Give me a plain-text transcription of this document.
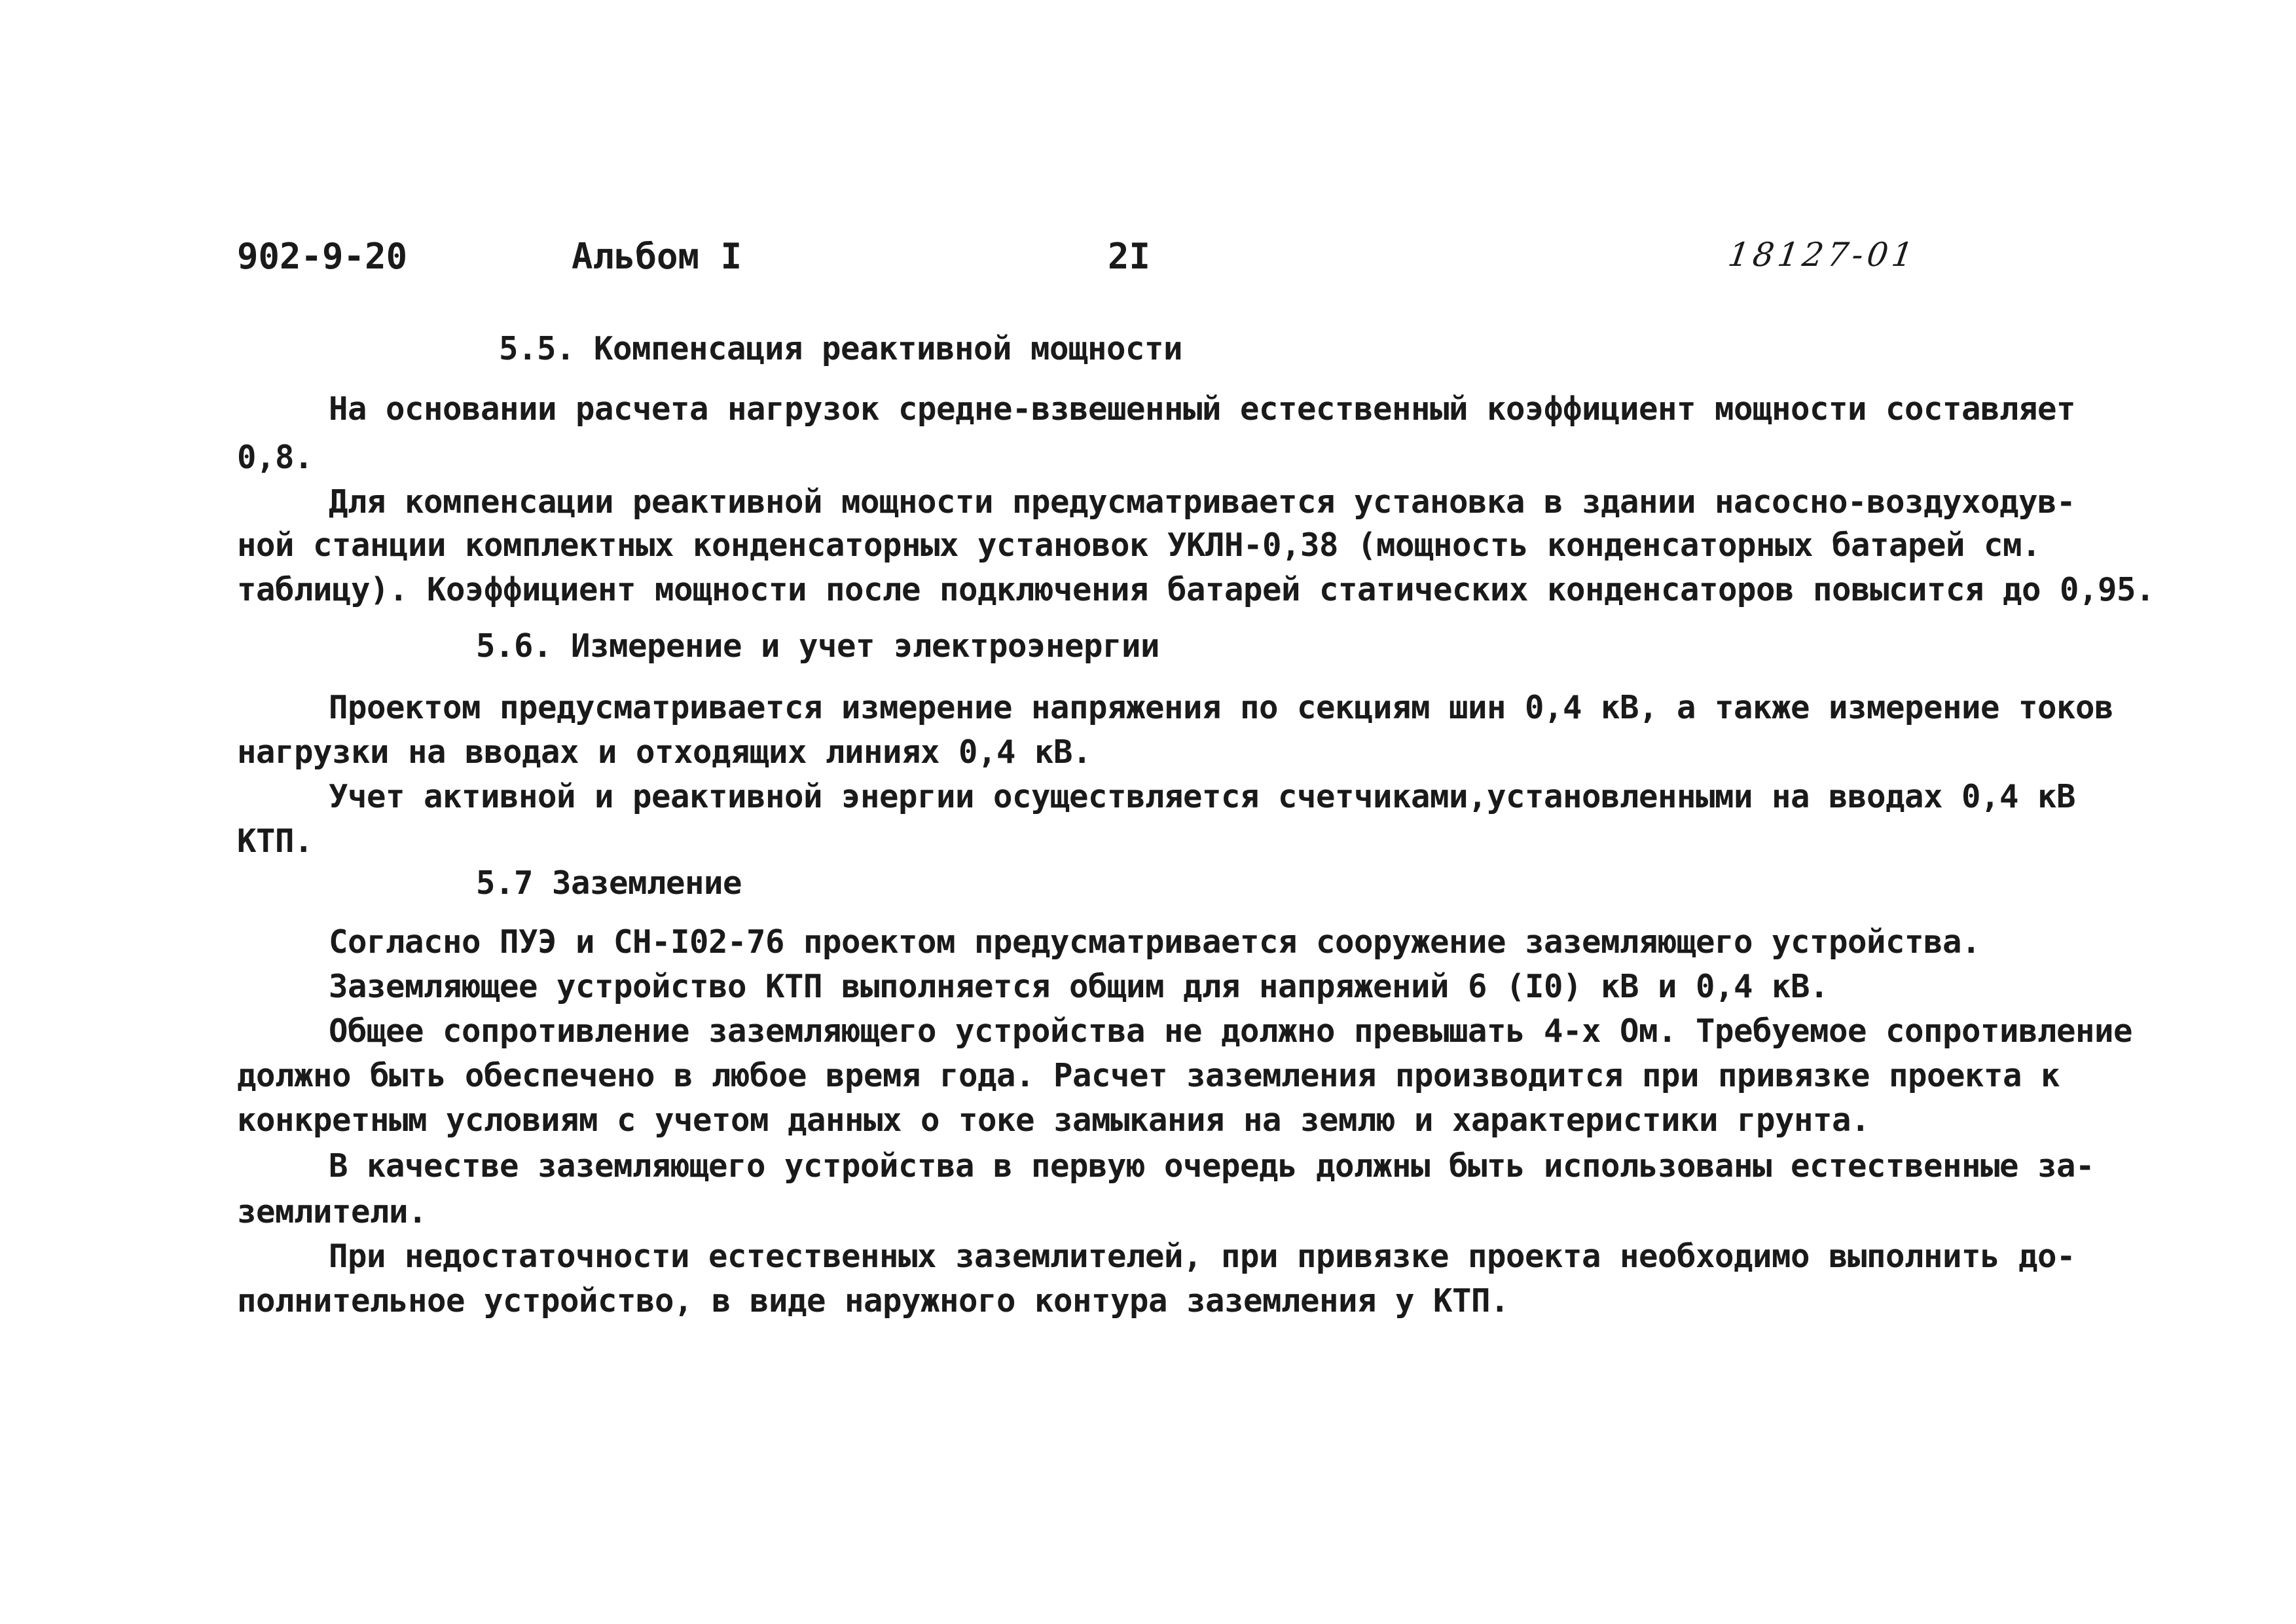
902-9-20	Альбом I	2I	18127-01
5.5. Компенсация реактивной мощности
На основании расчета нагрузок средне-взвешенный естественный коэффициент мощности составляет
0,8.
Для компенсации реактивной мощности предусматривается установка в здании насосно-воздуходув-
ной станции комплектных конденсаторных установок УКЛН-0,38 (мощность конденсаторных батарей см.
таблицу). Коэффициент мощности после подключения батарей статических конденсаторов повысится до 0,95.
5.6. Измерение и учет электроэнергии
Проектом предусматривается измерение напряжения по секциям шин 0,4 кВ, а также измерение токов
нагрузки на вводах и отходящих линиях 0,4 кВ.
Учет активной и реактивной энергии осуществляется счетчиками,установленными на вводах 0,4 кВ
КТП.
5.7 Заземление
Согласно ПУЭ и СН-I02-76 проектом предусматривается сооружение заземляющего устройства.
Заземляющее устройство КТП выполняется общим для напряжений 6 (I0) кВ и 0,4 кВ.
Общее сопротивление заземляющего устройства не должно превышать 4-х Ом. Требуемое сопротивление
должно быть обеспечено в любое время года. Расчет заземления производится при привязке проекта к
конкретным условиям с учетом данных о токе замыкания на землю и характеристики грунта.
В качестве заземляющего устройства в первую очередь должны быть использованы естественные за-
землители.
При недостаточности естественных заземлителей, при привязке проекта необходимо выполнить до-
полнительное устройство, в виде наружного контура заземления у КТП.
